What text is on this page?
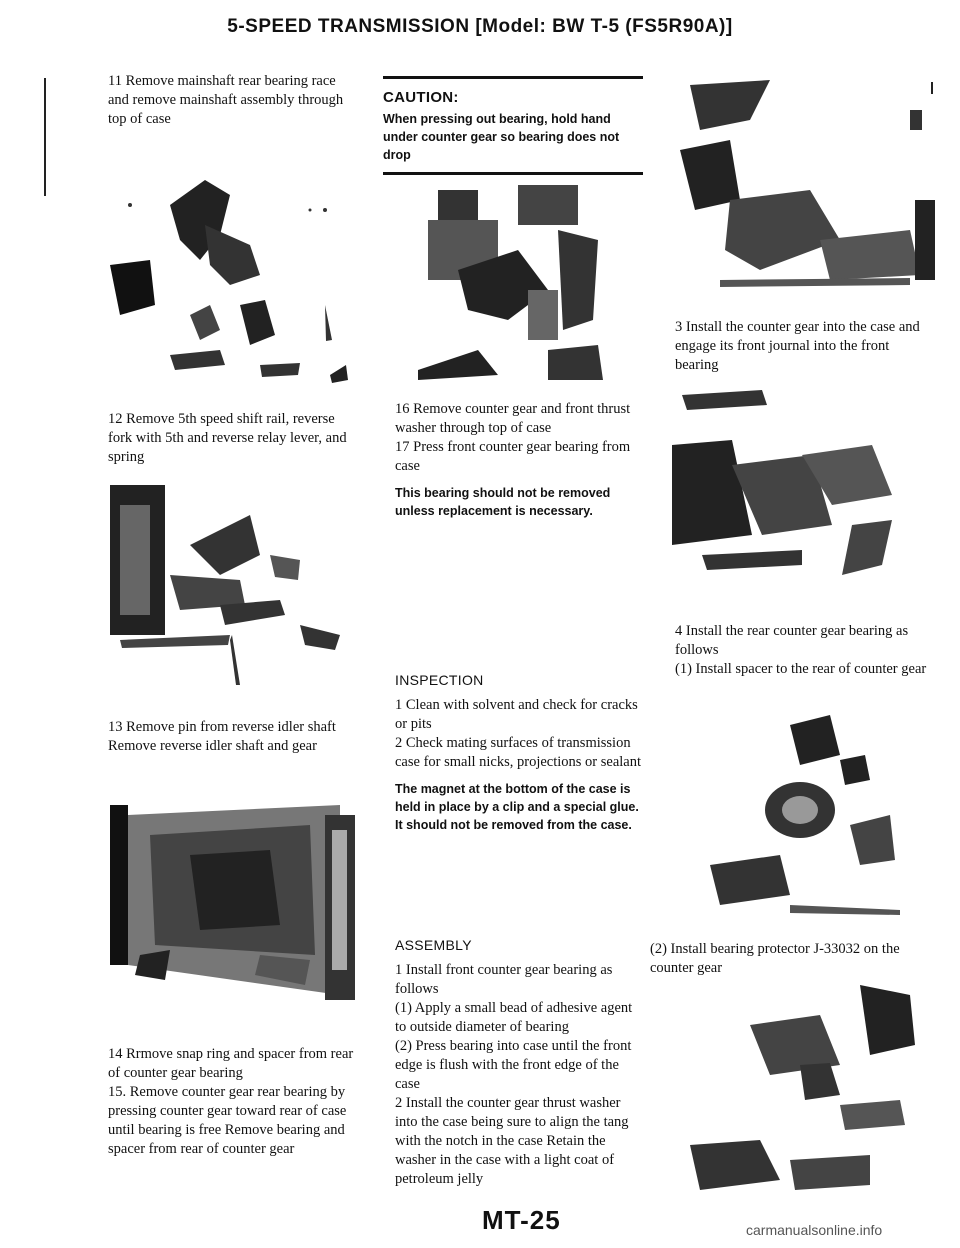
5-SPEED TRANSMISSION [Model: BW T-5 (FS5R90A)]

11 Remove mainshaft rear bearing race and remove mainshaft assembly through top of case

12 Remove 5th speed shift rail, reverse fork with 5th and reverse relay lever, and spring

13 Remove pin from reverse idler shaft Remove reverse idler shaft and gear

14 Rrmove snap ring and spacer from rear of counter gear bearing

15. Remove counter gear rear bearing by pressing counter gear toward rear of case until bearing is free Remove bearing and spacer from rear of counter gear

CAUTION:

When pressing out bearing, hold hand under counter gear so bearing does not drop

16 Remove counter gear and front thrust washer through top of case

17 Press front counter gear bearing from case

This bearing should not be removed unless replacement is necessary.

INSPECTION

1 Clean with solvent and check for cracks or pits

2 Check mating surfaces of transmission case for small nicks, projections or sealant

The magnet at the bottom of the case is held in place by a clip and a special glue. It should not be removed from the case.

ASSEMBLY

1 Install front counter gear bearing as follows

(1) Apply a small bead of adhesive agent to outside diameter of bearing

(2) Press bearing into case until the front edge is flush with the front edge of the case

2 Install the counter gear thrust washer into the case being sure to align the tang with the notch in the case Retain the washer in the case with a light coat of petroleum jelly

3 Install the counter gear into the case and engage its front journal into the front bearing

4 Install the rear counter gear bearing as follows

(1) Install spacer to the rear of counter gear

(2) Install bearing protector J-33032 on the counter gear

MT-25	carmanualsonline.info
